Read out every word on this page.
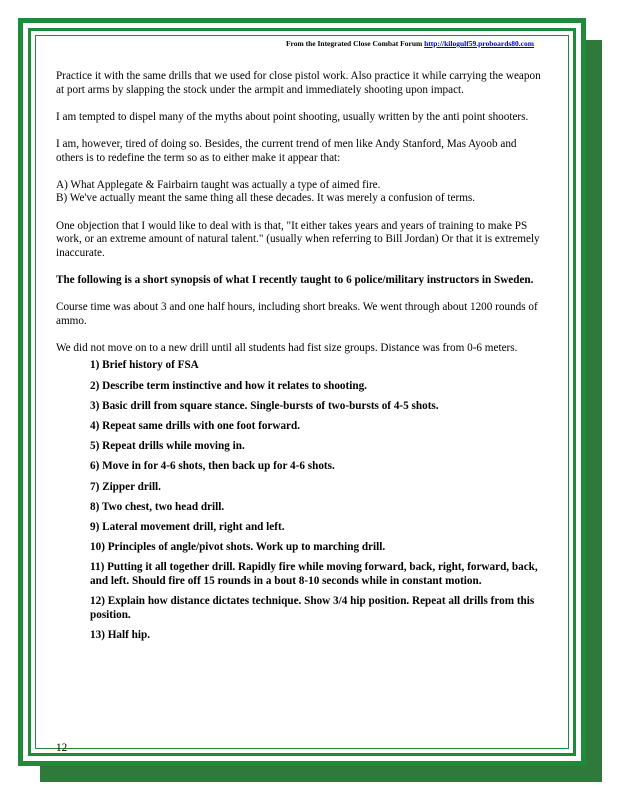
From the Integrated Close Combat Forum http://kilogulf59.proboards80.com

Practice it with the same drills that we used for close pistol work. Also practice it while carrying the weapon at port arms by slapping the stock under the armpit and immediately shooting upon impact.

I am tempted to dispel many of the myths about point shooting, usually written by the anti point shooters.

I am, however, tired of doing so. Besides, the current trend of men like Andy Stanford, Mas Ayoob and others is to redefine the term so as to either make it appear that:

A) What Applegate & Fairbairn taught was actually a type of aimed fire.
B) We've actually meant the same thing all these decades. It was merely a confusion of terms.

One objection that I would like to deal with is that, "It either takes years and years of training to make PS work, or an extreme amount of natural talent." (usually when referring to Bill Jordan) Or that it is extremely inaccurate.

The following is a short synopsis of what I recently taught to 6 police/military instructors in Sweden.

Course time was about 3 and one half hours, including short breaks. We went through about 1200 rounds of ammo.

We did not move on to a new drill until all students had fist size groups. Distance was from 0-6 meters.

1) Brief history of FSA
2) Describe term instinctive and how it relates to shooting.
3) Basic drill from square stance. Single-bursts of two-bursts of 4-5 shots.
4) Repeat same drills with one foot forward.
5) Repeat drills while moving in.
6) Move in for 4-6 shots, then back up for 4-6 shots.
7) Zipper drill.
8) Two chest, two head drill.
9) Lateral movement drill, right and left.
10) Principles of angle/pivot shots. Work up to marching drill.
11) Putting it all together drill. Rapidly fire while moving forward, back, right, forward, back, and left. Should fire off 15 rounds in a bout 8-10 seconds while in constant motion.
12) Explain how distance dictates technique. Show 3/4 hip position. Repeat all drills from this position.
13) Half hip.
12
